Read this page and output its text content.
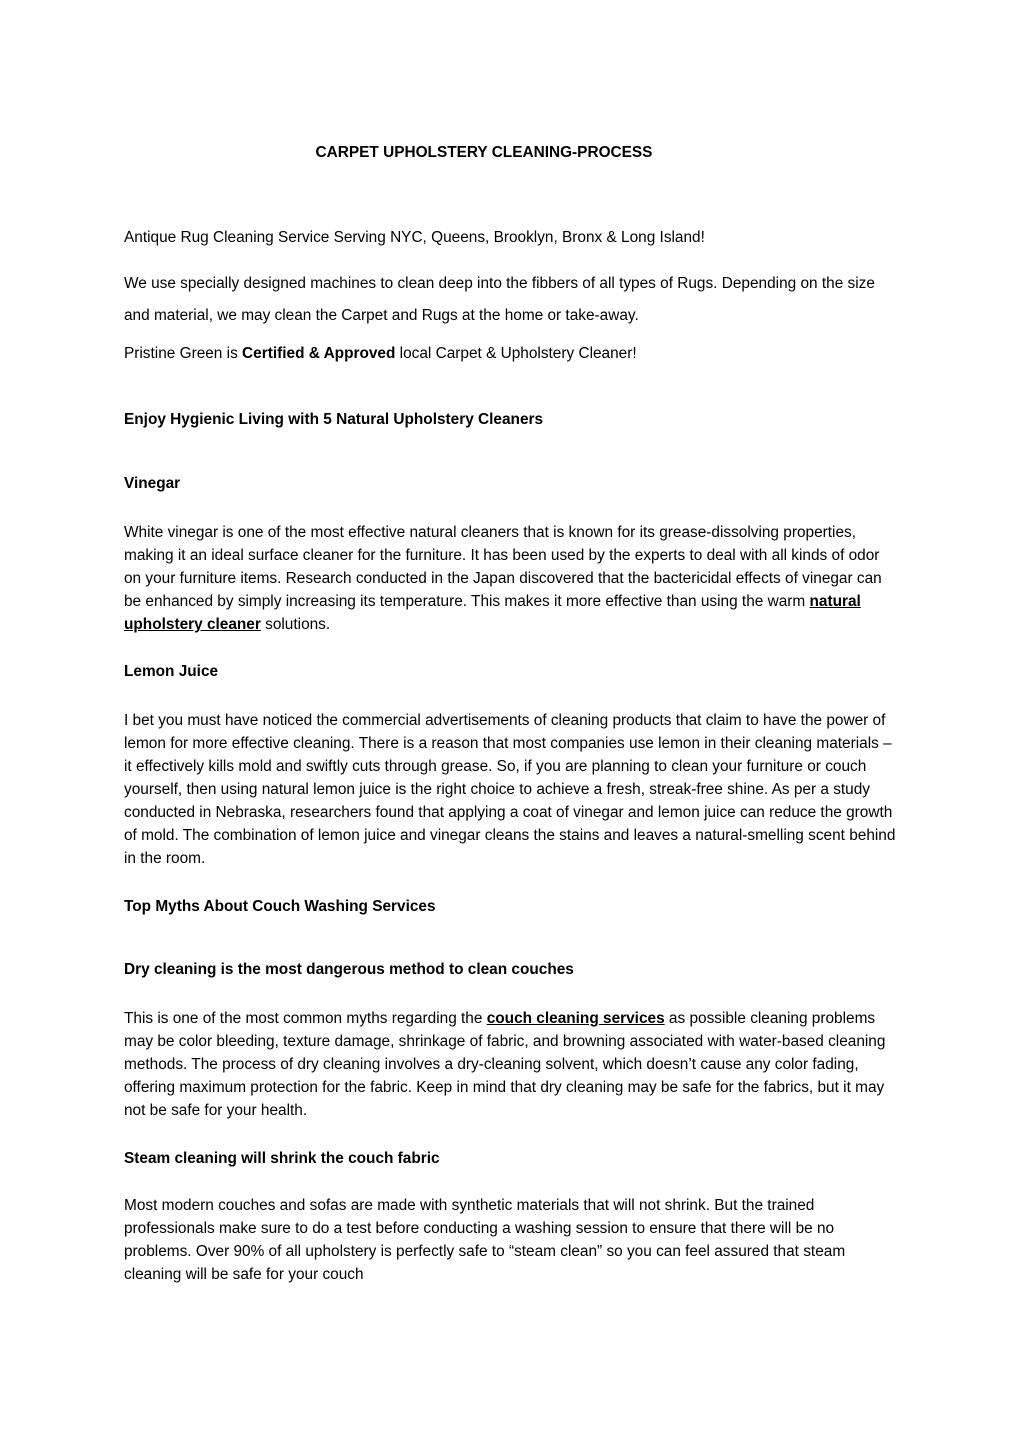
CARPET UPHOLSTERY CLEANING-PROCESS

Antique Rug Cleaning Service Serving NYC, Queens, Brooklyn, Bronx & Long Island!

We use specially designed machines to clean deep into the fibbers of all types of Rugs. Depending on the size and material, we may clean the Carpet and Rugs at the home or take-away.

Pristine Green is Certified & Approved local Carpet & Upholstery Cleaner!

Enjoy Hygienic Living with 5 Natural Upholstery Cleaners
Vinegar

White vinegar is one of the most effective natural cleaners that is known for its grease-dissolving properties, making it an ideal surface cleaner for the furniture. It has been used by the experts to deal with all kinds of odor on your furniture items. Research conducted in the Japan discovered that the bactericidal effects of vinegar can be enhanced by simply increasing its temperature. This makes it more effective than using the warm natural upholstery cleaner solutions.

Lemon Juice

I bet you must have noticed the commercial advertisements of cleaning products that claim to have the power of lemon for more effective cleaning. There is a reason that most companies use lemon in their cleaning materials – it effectively kills mold and swiftly cuts through grease. So, if you are planning to clean your furniture or couch yourself, then using natural lemon juice is the right choice to achieve a fresh, streak-free shine. As per a study conducted in Nebraska, researchers found that applying a coat of vinegar and lemon juice can reduce the growth of mold. The combination of lemon juice and vinegar cleans the stains and leaves a natural-smelling scent behind in the room.

Top Myths About Couch Washing Services
Dry cleaning is the most dangerous method to clean couches

This is one of the most common myths regarding the couch cleaning services as possible cleaning problems may be color bleeding, texture damage, shrinkage of fabric, and browning associated with water-based cleaning methods. The process of dry cleaning involves a dry-cleaning solvent, which doesn’t cause any color fading, offering maximum protection for the fabric. Keep in mind that dry cleaning may be safe for the fabrics, but it may not be safe for your health.

Steam cleaning will shrink the couch fabric

Most modern couches and sofas are made with synthetic materials that will not shrink. But the trained professionals make sure to do a test before conducting a washing session to ensure that there will be no problems. Over 90% of all upholstery is perfectly safe to “steam clean” so you can feel assured that steam cleaning will be safe for your couch
